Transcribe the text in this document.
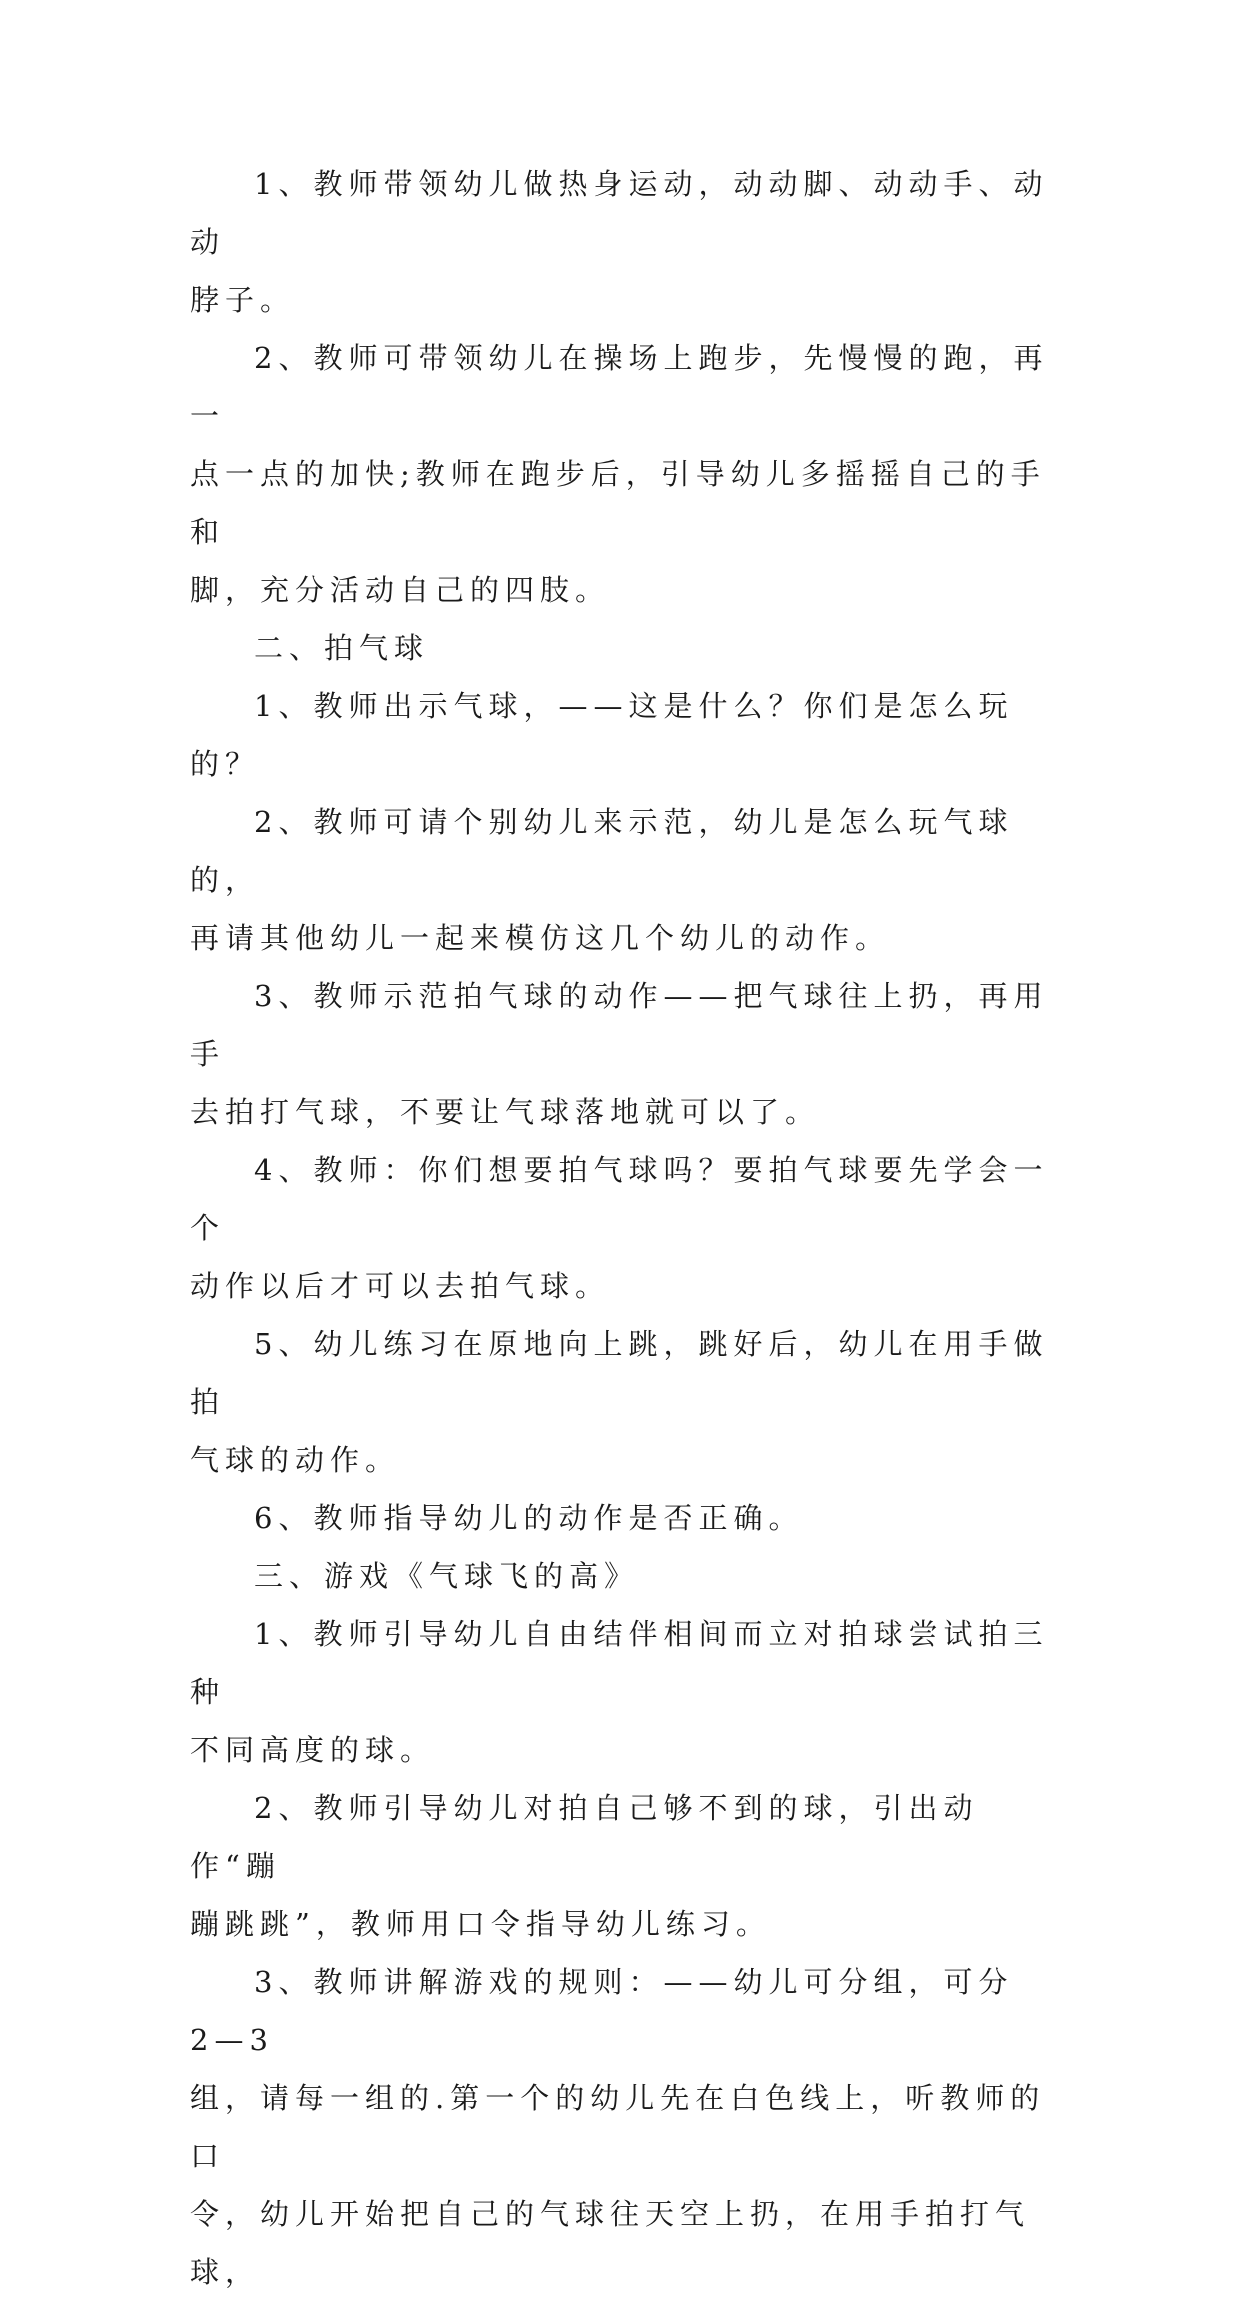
1、教师带领幼儿做热身运动，动动脚、动动手、动动
脖子。

2、教师可带领幼儿在操场上跑步，先慢慢的跑，再一
点一点的加快;教师在跑步后，引导幼儿多摇摇自己的手和
脚，充分活动自己的四肢。

二、拍气球

1、教师出示气球，——这是什么？你们是怎么玩的？

2、教师可请个别幼儿来示范，幼儿是怎么玩气球的，
再请其他幼儿一起来模仿这几个幼儿的动作。

3、教师示范拍气球的动作——把气球往上扔，再用手
去拍打气球，不要让气球落地就可以了。

4、教师：你们想要拍气球吗？要拍气球要先学会一个
动作以后才可以去拍气球。

5、幼儿练习在原地向上跳，跳好后，幼儿在用手做拍
气球的动作。

6、教师指导幼儿的动作是否正确。

三、游戏《气球飞的高》

1、教师引导幼儿自由结伴相间而立对拍球尝试拍三种
不同高度的球。

2、教师引导幼儿对拍自己够不到的球，引出动作“蹦
蹦跳跳”，教师用口令指导幼儿练习。

3、教师讲解游戏的规则：——幼儿可分组，可分 2—3
组，请每一组的.第一个的幼儿先在白色线上，听教师的口
令，幼儿开始把自己的气球往天空上扔，在用手拍打气球，
